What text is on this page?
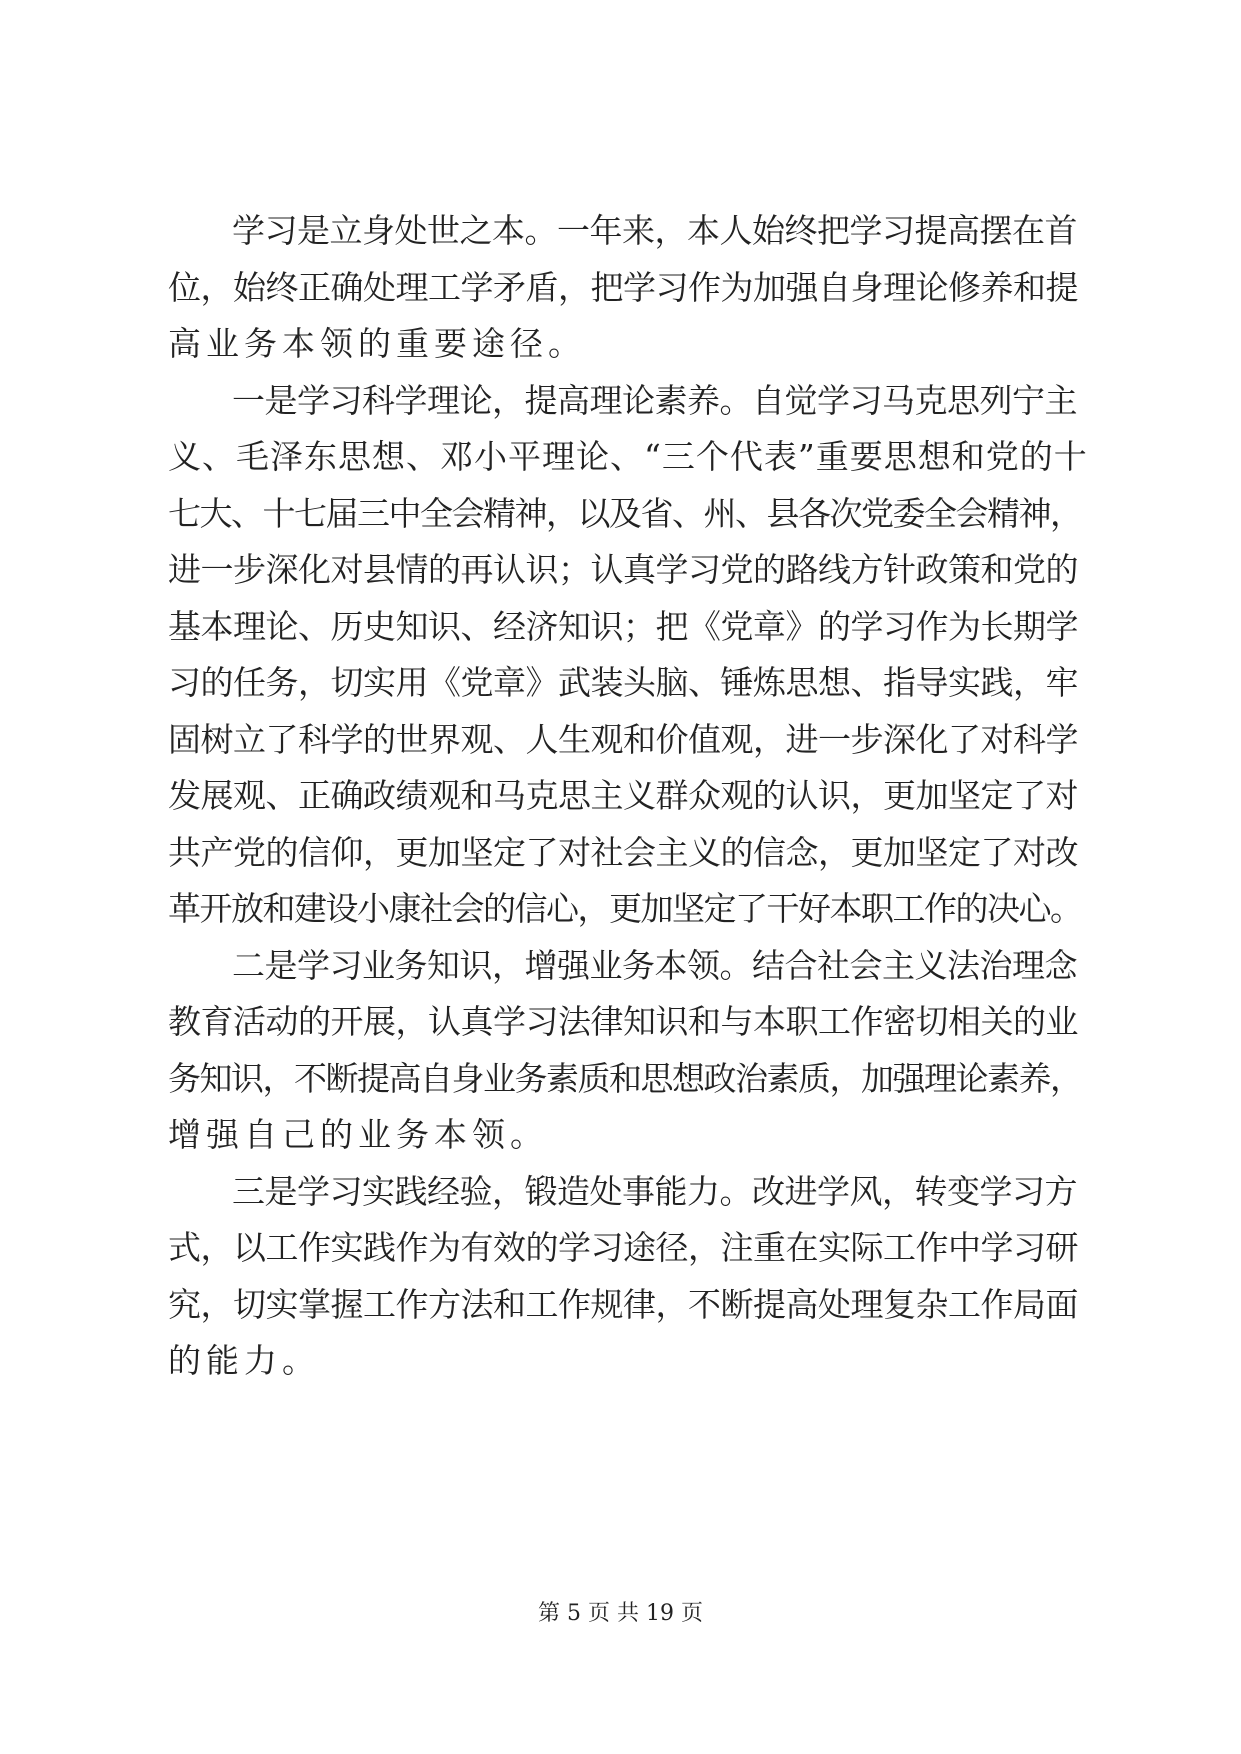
学习是立身处世之本。一年来，本人始终把学习提高摆在首
位，始终正确处理工学矛盾，把学习作为加强自身理论修养和提
高业务本领的重要途径。
一是学习科学理论，提高理论素养。自觉学习马克思列宁主
义、毛泽东思想、邓小平理论、“三个代表”重要思想和党的十
七大、十七届三中全会精神，以及省、州、县各次党委全会精神，
进一步深化对县情的再认识；认真学习党的路线方针政策和党的
基本理论、历史知识、经济知识；把《党章》的学习作为长期学
习的任务，切实用《党章》武装头脑、锤炼思想、指导实践，牢
固树立了科学的世界观、人生观和价值观，进一步深化了对科学
发展观、正确政绩观和马克思主义群众观的认识，更加坚定了对
共产党的信仰，更加坚定了对社会主义的信念，更加坚定了对改
革开放和建设小康社会的信心，更加坚定了干好本职工作的决心。
二是学习业务知识，增强业务本领。结合社会主义法治理念
教育活动的开展，认真学习法律知识和与本职工作密切相关的业
务知识，不断提高自身业务素质和思想政治素质，加强理论素养，
增强自己的业务本领。
三是学习实践经验，锻造处事能力。改进学风，转变学习方
式，以工作实践作为有效的学习途径，注重在实际工作中学习研
究，切实掌握工作方法和工作规律，不断提高处理复杂工作局面
的能力。
第 5 页 共 19 页
